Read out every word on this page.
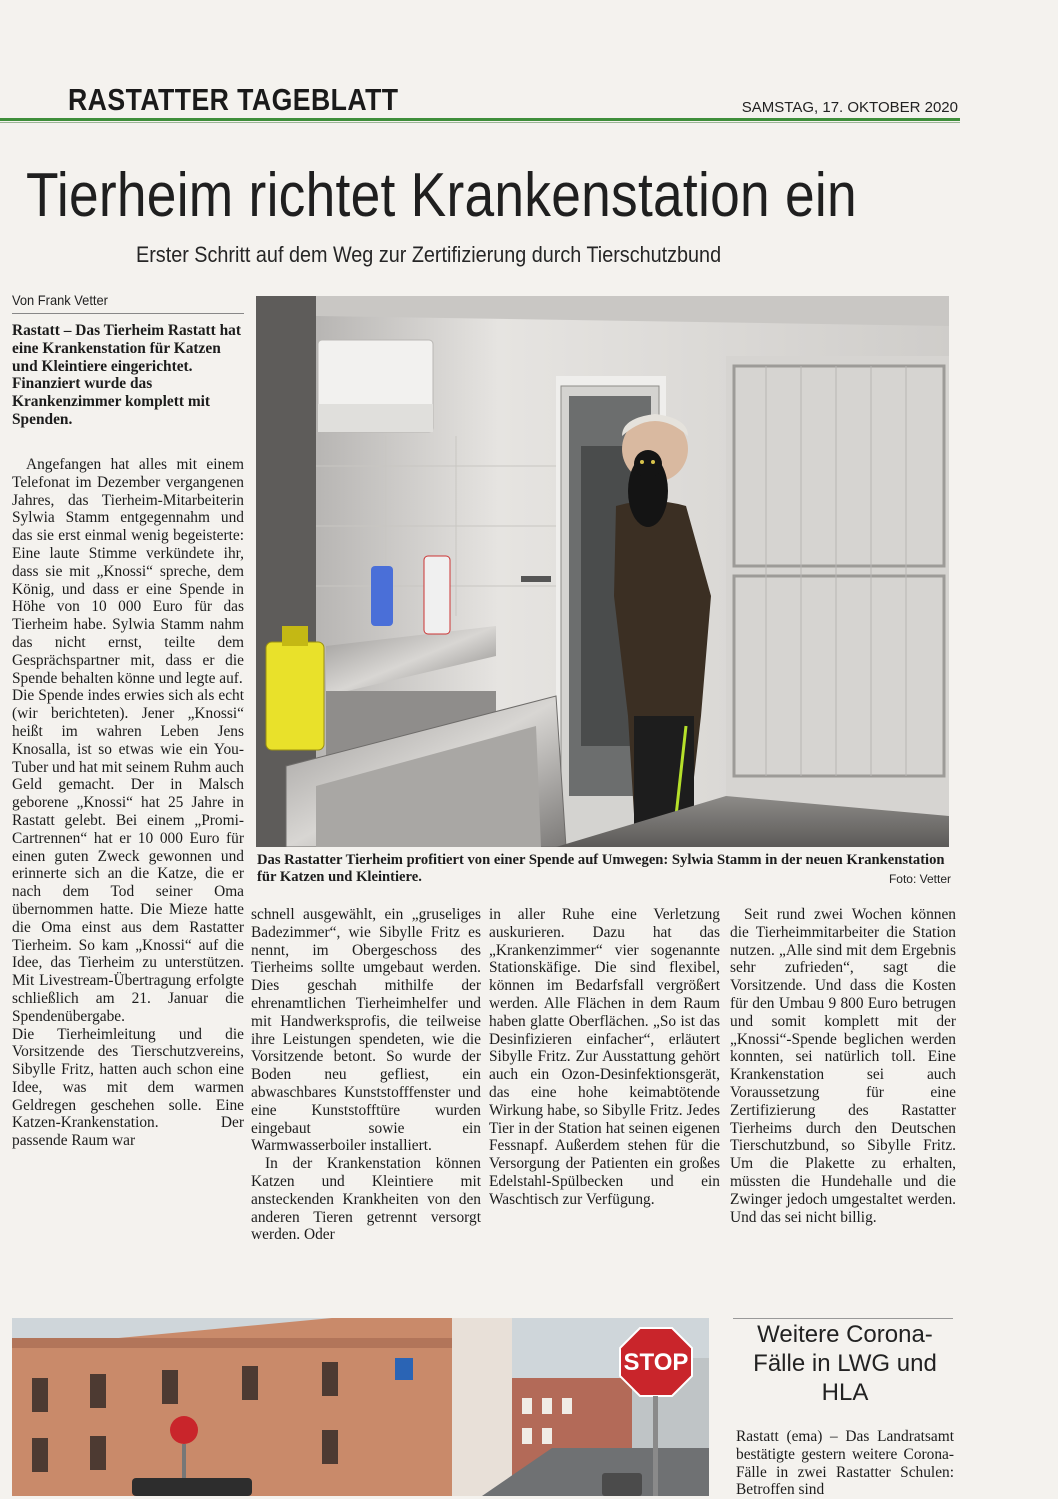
RASTATTER TAGEBLATT	SAMSTAG, 17. OKTOBER 2020
Tierheim richtet Krankenstation ein
Erster Schritt auf dem Weg zur Zertifizierung durch Tierschutzbund
Von Frank Vetter
Rastatt – Das Tierheim Rastatt hat eine Krankenstation für Katzen und Kleintiere eingerichtet. Finanziert wurde das Krankenzimmer komplett mit Spenden.

Angefangen hat alles mit einem Telefonat im Dezember vergangenen Jahres, das Tierheim-Mitarbeiterin Sylwia Stamm entgegennahm und das sie erst einmal wenig begeisterte: Eine laute Stimme verkündete ihr, dass sie mit „Knossi“ spreche, dem König, und dass er eine Spende in Höhe von 10 000 Euro für das Tierheim habe. Sylwia Stamm nahm das nicht ernst, teilte dem Gesprächspartner mit, dass er die Spende behalten könne und legte auf.

Die Spende indes erwies sich als echt (wir berichteten). Jener „Knossi“ heißt im wahren Leben Jens Knosalla, ist so etwas wie ein You-Tuber und hat mit seinem Ruhm auch Geld gemacht. Der in Malsch geborene „Knossi“ hat 25 Jahre in Rastatt gelebt. Bei einem „Promi-Cartrennen“ hat er 10 000 Euro für einen guten Zweck gewonnen und erinnerte sich an die Katze, die er nach dem Tod seiner Oma übernommen hatte. Die Mieze hatte die Oma einst aus dem Rastatter Tierheim. So kam „Knossi“ auf die Idee, das Tierheim zu unterstützen. Mit Livestream-Übertragung erfolgte schließlich am 21. Januar die Spendenübergabe.

Die Tierheimleitung und die Vorsitzende des Tierschutzvereins, Sibylle Fritz, hatten auch schon eine Idee, was mit dem warmen Geldregen geschehen solle. Eine Katzen-Krankenstation. Der passende Raum war

Das Rastatter Tierheim profitiert von einer Spende auf Umwegen: Sylwia Stamm in der neuen Krankenstation für Katzen und Kleintiere.	Foto: Vetter

schnell ausgewählt, ein „gruseliges Badezimmer“, wie Sibylle Fritz es nennt, im Obergeschoss des Tierheims sollte umgebaut werden. Dies geschah mithilfe der ehrenamtlichen Tierheimhelfer und mit Handwerksprofis, die teilweise ihre Leistungen spendeten, wie die Vorsitzende betont. So wurde der Boden neu gefliest, ein abwaschbares Kunststofffenster und eine Kunststofftüre wurden eingebaut sowie ein Warmwasserboiler installiert.

In der Krankenstation können Katzen und Kleintiere mit ansteckenden Krankheiten von den anderen Tieren getrennt versorgt werden. Oder

in aller Ruhe eine Verletzung auskurieren. Dazu hat das „Krankenzimmer“ vier sogenannte Stationskäfige. Die sind flexibel, können im Bedarfsfall vergrößert werden. Alle Flächen in dem Raum haben glatte Oberflächen. „So ist das Desinfizieren einfacher“, erläutert Sibylle Fritz. Zur Ausstattung gehört auch ein Ozon-Desinfektionsgerät, das eine hohe keimabtötende Wirkung habe, so Sibylle Fritz. Jedes Tier in der Station hat seinen eigenen Fessnapf. Außerdem stehen für die Versorgung der Patienten ein großes Edelstahl-Spülbecken und ein Waschtisch zur Verfügung.

Seit rund zwei Wochen können die Tierheimmitarbeiter die Station nutzen. „Alle sind mit dem Ergebnis sehr zufrieden“, sagt die Vorsitzende. Und dass die Kosten für den Umbau 9 800 Euro betrugen und somit komplett mit der „Knossi“-Spende beglichen werden konnten, sei natürlich toll. Eine Krankenstation sei auch Voraussetzung für eine Zertifizierung des Rastatter Tierheims durch den Deutschen Tierschutzbund, so Sibylle Fritz. Um die Plakette zu erhalten, müssten die Hundehalle und die Zwinger jedoch umgestaltet werden. Und das sei nicht billig.

STOP
Weitere Corona-Fälle in LWG und HLA
Rastatt (ema) – Das Landratsamt bestätigte gestern weitere Corona-Fälle in zwei Rastatter Schulen: Betroffen sind
